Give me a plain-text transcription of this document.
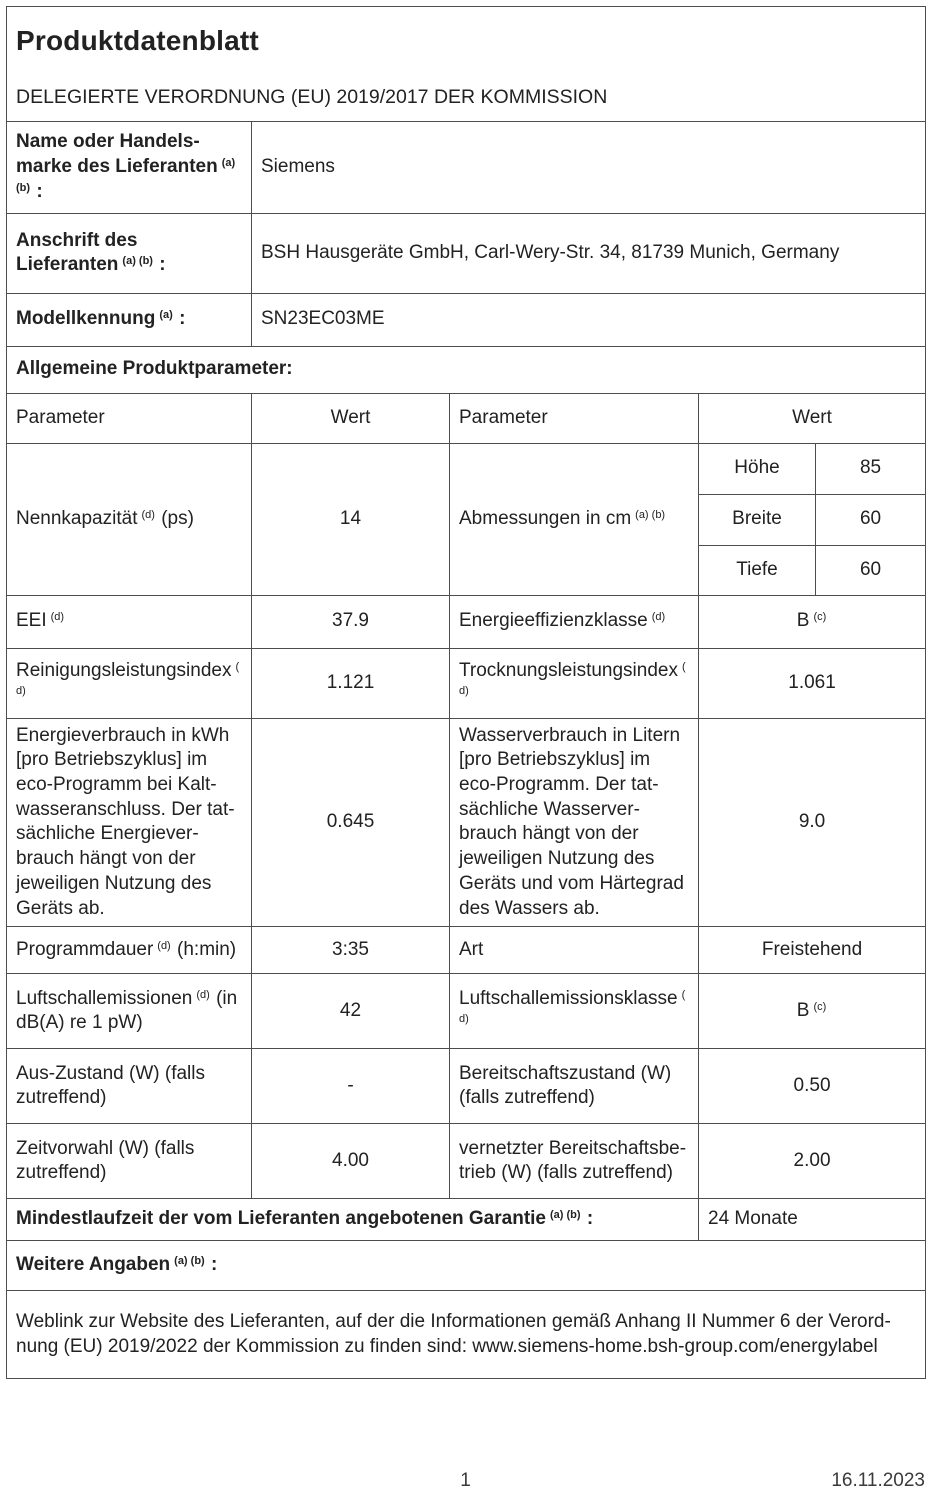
Produktdatenblatt
DELEGIERTE VERORDNUNG (EU) 2019/2017 DER KOMMISSION				

Name oder Handels-marke des Lieferanten $^{(a) (b)}$ :	Siemens			
Anschrift des Lieferanten $^{(a) (b)}$ :	BSH Hausgeräte GmbH, Carl-Wery-Str. 34, 81739 Munich, Germany			
Modellkennung $^{(a)}$ :	SN23EC03ME			
Allgemeine Produktparameter:				
Parameter	Wert	Parameter	Wert	
Nennkapazität $^{(d)}$ (ps)	14	Abmessungen in cm $^{(a) (b)}$	Höhe	85
			Breite	60
			Tiefe	60
EEI $^{(d)}$	37.9	Energieeffizienzklasse $^{(d)}$	B $^{(c)}$
Reinigungsleistungsindex $^{(d)}$	1.121	Trocknungsleistungsindex $^{(d)}$	1.061	
Energieverbrauch in kWh [pro Betriebszyklus] im eco-Programm bei Kalt-wasseranschluss. Der tat-sächliche Energiever-brauch hängt von der jeweiligen Nutzung des Geräts ab.	0.645	Wasserverbrauch in Litern [pro Betriebszyklus] im eco-Programm. Der tat-sächliche Wasserver-brauch hängt von der jeweiligen Nutzung des Geräts und vom Härtegrad des Wassers ab.	9.0	
Programmdauer $^{(d)}$ (h:min)	3:35	Art	Freistehend	
Luftschallemissionen $^{(d)}$ (in dB(A) re 1 pW)	42	Luftschallemissionsklasse $^{(d)}$	B $^{(c)}$
Aus-Zustand (W) (falls zutreffend)	-	Bereitschaftszustand (W) (falls zutreffend)	0.50	
Zeitvorwahl (W) (falls zutreffend)	4.00	vernetzter Bereitschaftsbe-trieb (W) (falls zutreffend)	2.00	
Mindestlaufzeit der vom Lieferanten angebotenen Garantie $^{(a) (b)}$ :			24 Monate	
Weitere Angaben $^{(a) (b)}$ :				
Weblink zur Website des Lieferanten, auf der die Informationen gemäß Anhang II Nummer 6 der Verord-nung (EU) 2019/2022 der Kommission zu finden sind: www.siemens-home.bsh-group.com/energylabel				
1	16.11.2023
